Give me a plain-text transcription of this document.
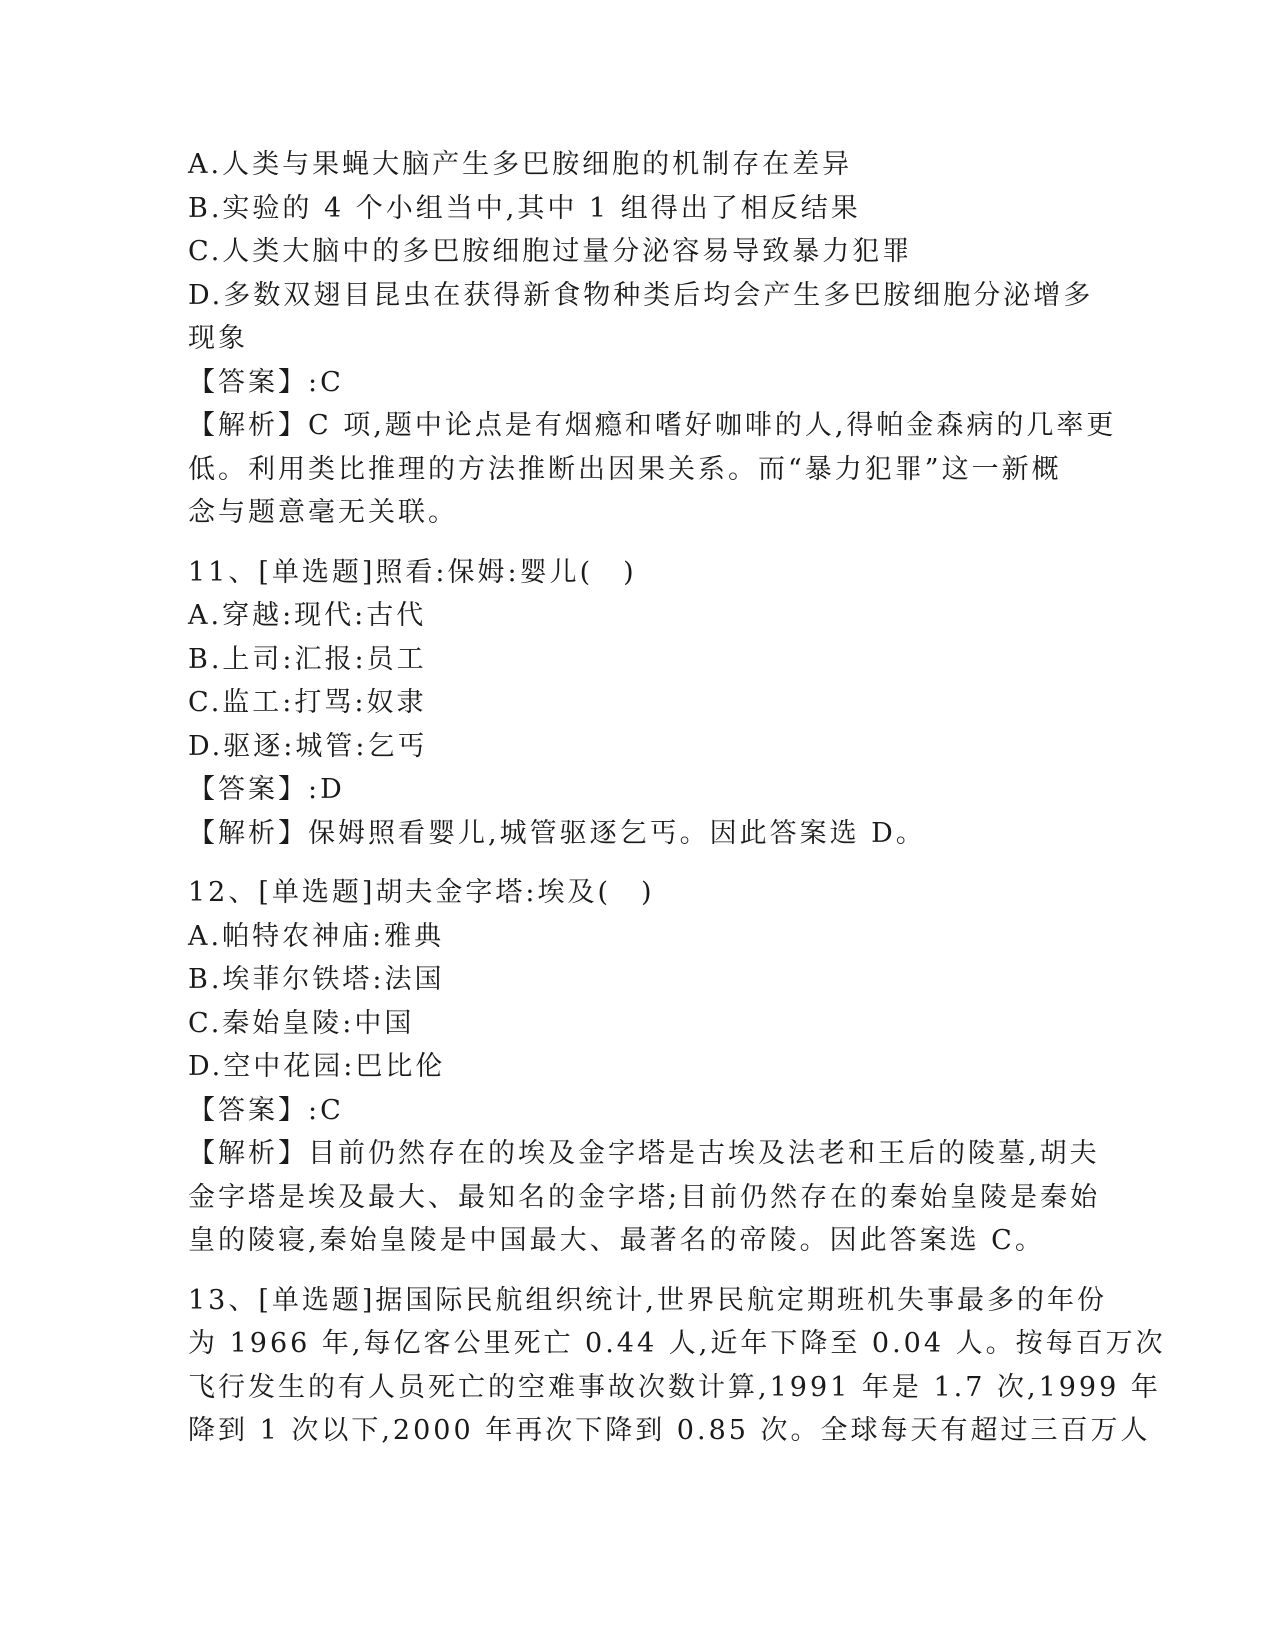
A.人类与果蝇大脑产生多巴胺细胞的机制存在差异
B.实验的 4 个小组当中,其中 1 组得出了相反结果
C.人类大脑中的多巴胺细胞过量分泌容易导致暴力犯罪
D.多数双翅目昆虫在获得新食物种类后均会产生多巴胺细胞分泌增多
现象
【答案】:C
【解析】C 项,题中论点是有烟瘾和嗜好咖啡的人,得帕金森病的几率更
低。利用类比推理的方法推断出因果关系。而“暴力犯罪”这一新概
念与题意毫无关联。
11、[单选题]照看:保姆:婴儿(　)
A.穿越:现代:古代
B.上司:汇报:员工
C.监工:打骂:奴隶
D.驱逐:城管:乞丐
【答案】:D
【解析】保姆照看婴儿,城管驱逐乞丐。因此答案选 D。
12、[单选题]胡夫金字塔:埃及(　)
A.帕特农神庙:雅典
B.埃菲尔铁塔:法国
C.秦始皇陵:中国
D.空中花园:巴比伦
【答案】:C
【解析】目前仍然存在的埃及金字塔是古埃及法老和王后的陵墓,胡夫
金字塔是埃及最大、最知名的金字塔;目前仍然存在的秦始皇陵是秦始
皇的陵寝,秦始皇陵是中国最大、最著名的帝陵。因此答案选 C。
13、[单选题]据国际民航组织统计,世界民航定期班机失事最多的年份
为 1966 年,每亿客公里死亡 0.44 人,近年下降至 0.04 人。按每百万次
飞行发生的有人员死亡的空难事故次数计算,1991 年是 1.7 次,1999 年
降到 1 次以下,2000 年再次下降到 0.85 次。全球每天有超过三百万人
